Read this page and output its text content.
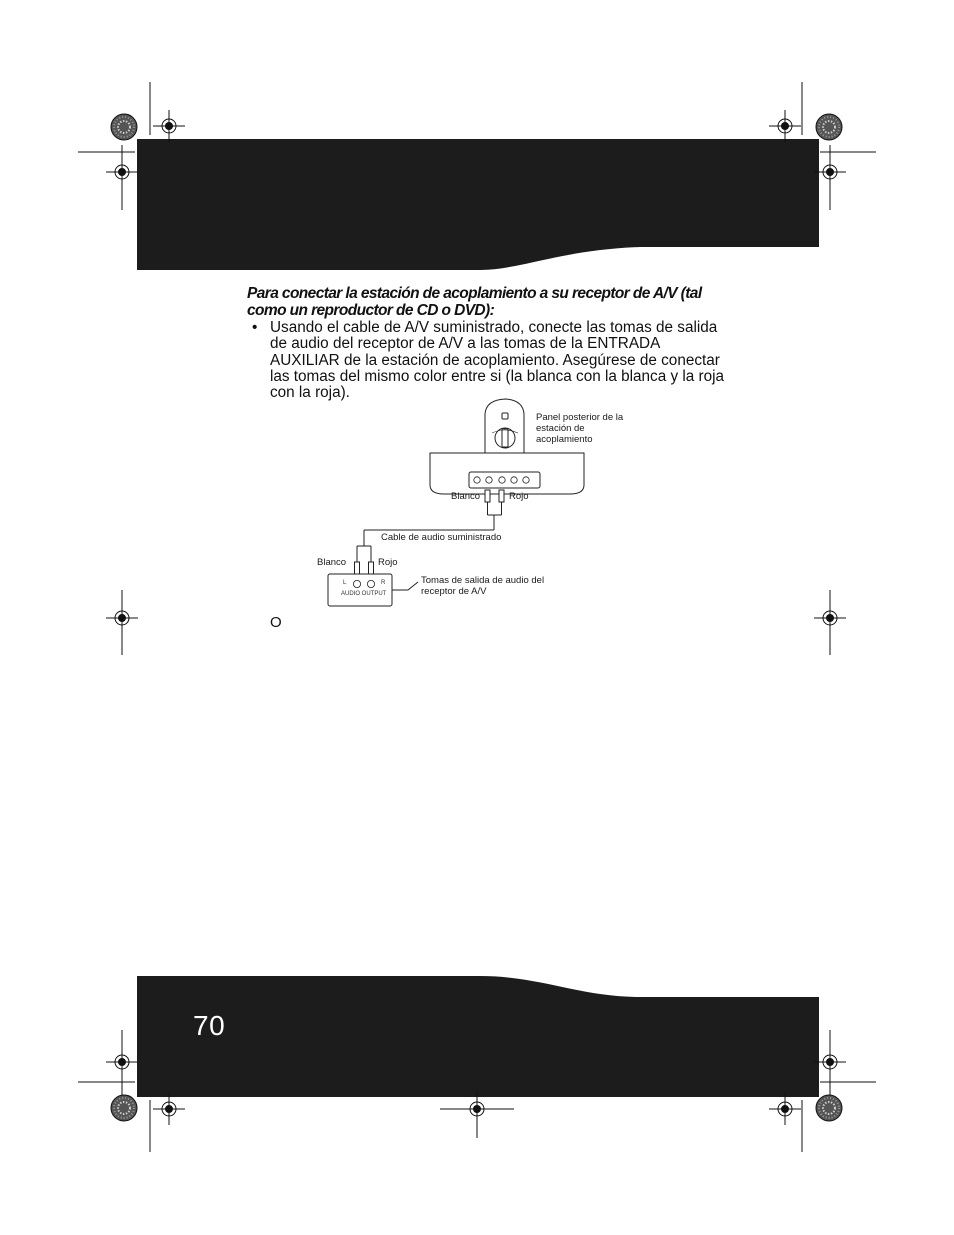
Para conectar la estación de acoplamiento a su receptor de A/V (tal como un reproductor de CD o DVD):
• Usando el cable de A/V suministrado, conecte las tomas de salida de audio del receptor de A/V a las tomas de la ENTRADA AUXILIAR de la estación de acoplamiento. Asegúrese de conectar las tomas del mismo color entre si (la blanca con la blanca y la roja con la roja).
Panel posterior de la estación de acoplamiento
Blanco	Rojo
Cable de audio suministrado
Blanco	Rojo
Tomas de salida de audio del receptor de A/V
AUDIO OUTPUT
L	R
O
70
